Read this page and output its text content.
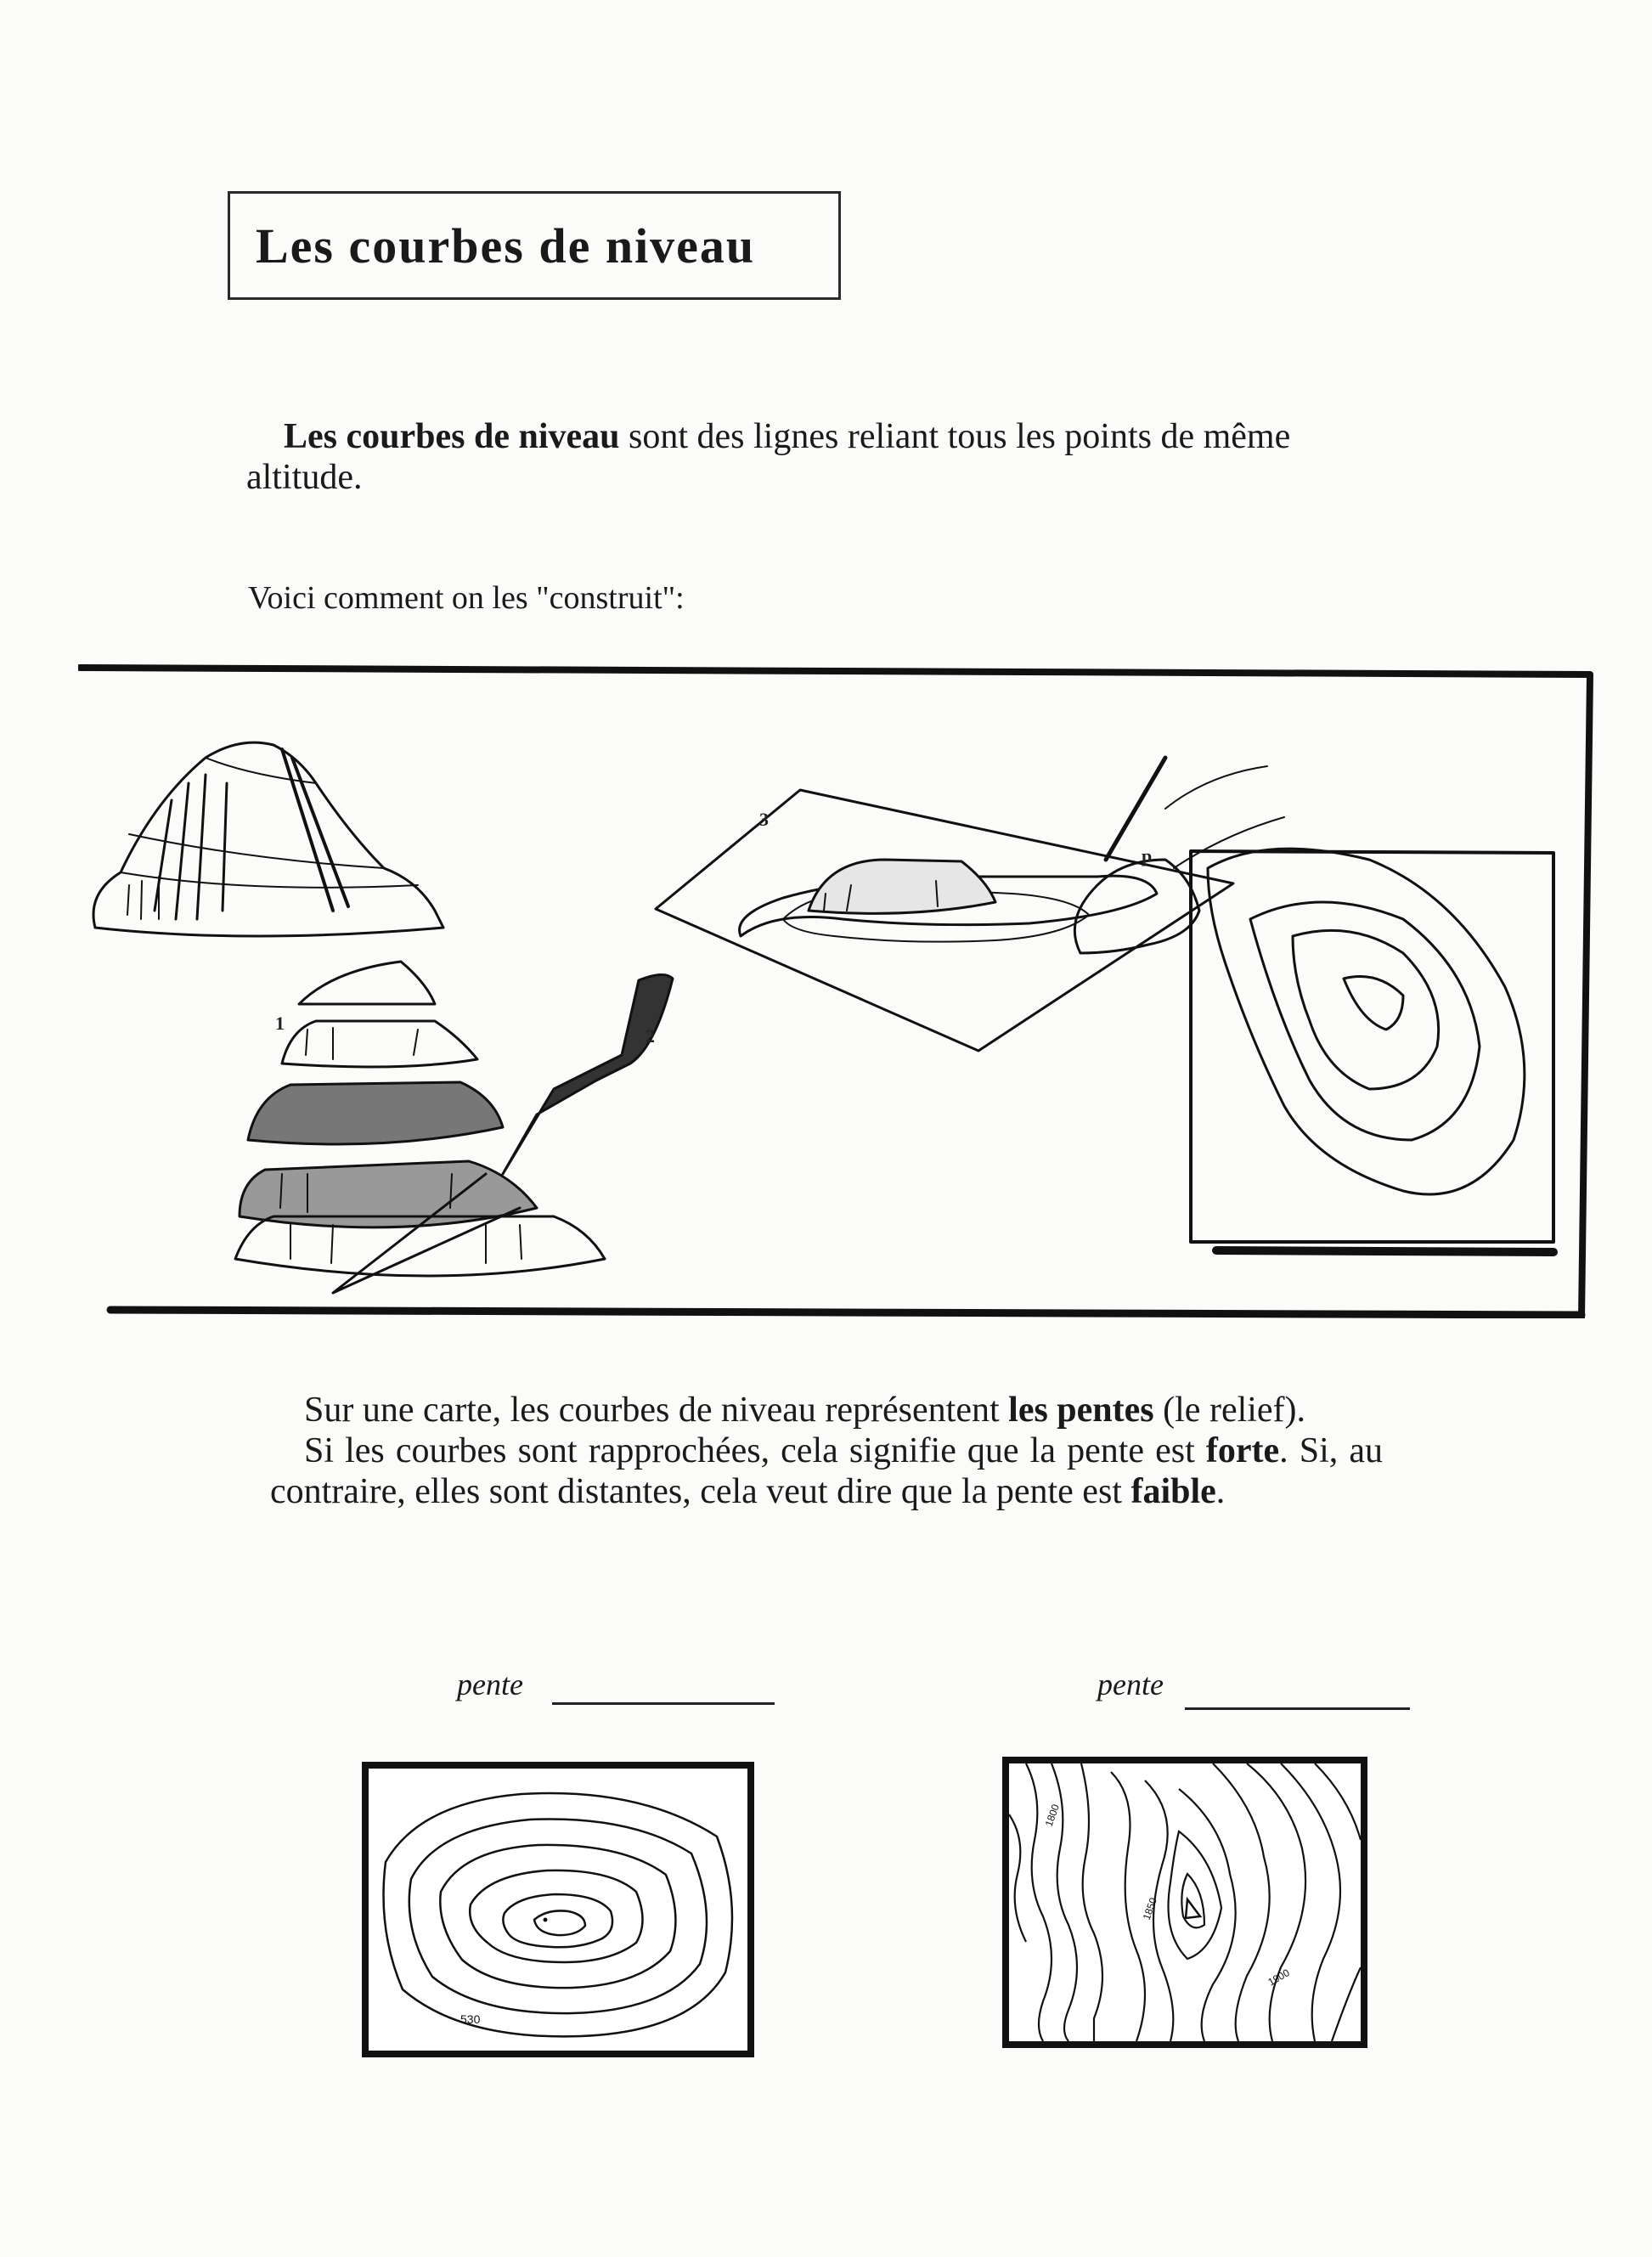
Les courbes de niveau
Les courbes de niveau sont des lignes reliant tous les points de même altitude.
Voici comment on les "construit":
1
2
3
p

Sur une carte, les courbes de niveau représentent les pentes (le relief).

Si les courbes sont rapprochées, cela signifie que la pente est forte. Si, au contraire, elles sont distantes, cela veut dire que la pente est faible.

pente	pente
530
1800
1850
1900
